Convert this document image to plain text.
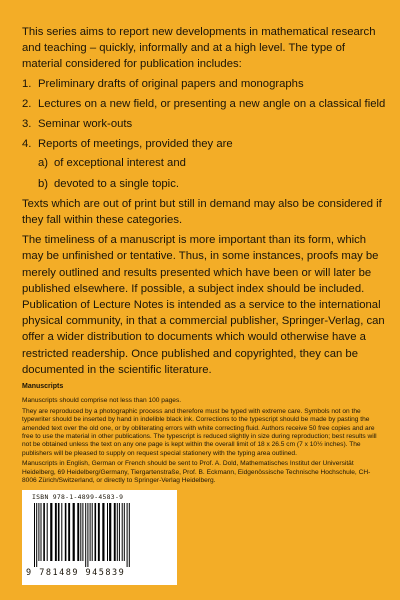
This series aims to report new developments in mathematical research and teaching – quickly, informally and at a high level. The type of material considered for publication includes:

1. Preliminary drafts of original papers and monographs
2. Lectures on a new field, or presenting a new angle on a classical field
3. Seminar work-outs
4. Reports of meetings, provided they are
a) of exceptional interest and
b) devoted to a single topic.

Texts which are out of print but still in demand may also be considered if they fall within these categories.

The timeliness of a manuscript is more important than its form, which may be unfinished or tentative. Thus, in some instances, proofs may be merely outlined and results presented which have been or will later be published elsewhere. If possible, a subject index should be included. Publication of Lecture Notes is intended as a service to the international physical community, in that a commercial publisher, Springer-Verlag, can offer a wider distribution to documents which would otherwise have a restricted readership. Once published and copyrighted, they can be documented in the scientific literature.

Manuscripts

Manuscripts should comprise not less than 100 pages.

They are reproduced by a photographic process and therefore must be typed with extreme care. Symbols not on the typewriter should be inserted by hand in indelible black ink. Corrections to the typescript should be made by pasting the amended text over the old one, or by obliterating errors with white correcting fluid. Authors receive 50 free copies and are free to use the material in other publications. The typescript is reduced slightly in size during reproduction; best results will not be obtained unless the text on any one page is kept within the overall limit of 18 x 26.5 cm (7 x 10½ inches). The publishers will be pleased to supply on request special stationery with the typing area outlined.

Manuscripts in English, German or French should be sent to Prof. A. Dold, Mathematisches Institut der Universität Heidelberg, 69 Heidelberg/Germany, Tiergartenstraße, Prof. B. Eckmann, Eidgenössische Technische Hochschule, CH-8006 Zürich/Switzerland, or directly to Springer-Verlag Heidelberg.

ISBN 978-1-4899-4583-9
9 781489 945839
